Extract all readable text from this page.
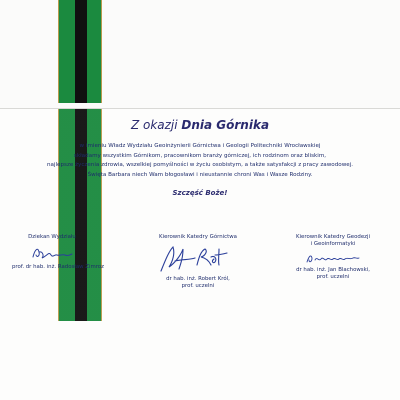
Z okazji Dnia Górnika
w imieniu Władz Wydziału Geoinżynierii Górnictwa i Geologii Politechniki Wrocławskiej
składamy wszystkim Górnikom, pracownikom branży górniczej, ich rodzinom oraz bliskim,
najlepsze życzenia zdrowia, wszelkiej pomyślności w życiu osobistym, a także satysfakcji z pracy zawodowej.
Święta Barbara niech Wam błogosławi i nieustannie chroni Was i Wasze Rodziny.
Szczęść Boże!
Dziekan Wydziału
prof. dr hab. inż. Radosław Zimroz
Kierownik Katedry Górnictwa
dr hab. inż. Robert Król,
prof. uczelni
Kierownik Katedry Geodezji
i Geoinformatyki
dr hab. inż. Jan Blachowski,
prof. uczelni
